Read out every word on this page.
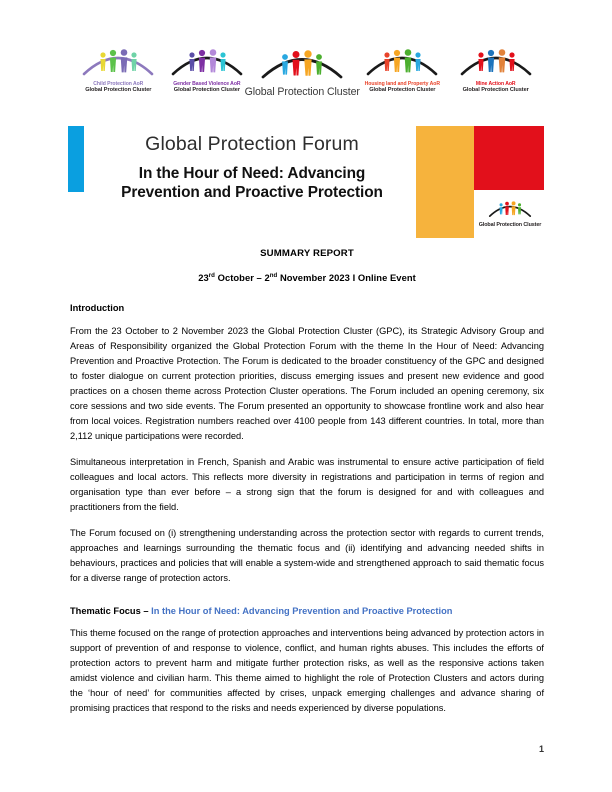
Child Protection AoR
Global Protection Cluster
Gender Based Violence AoR
Global Protection Cluster Global Protection Cluster
Housing land and Property AoR
Global Protection Cluster
Mine Action AoR
Global Protection Cluster
Global Protection Forum
In the Hour of Need: Advancing
Prevention and Proactive Protection
Global Protection Cluster
SUMMARY REPORT
23rd October – 2nd November 2023 I Online Event
Introduction

From the 23 October to 2 November 2023 the Global Protection Cluster (GPC), its Strategic Advisory Group and Areas of Responsibility organized the Global Protection Forum with the theme In the Hour of Need: Advancing Prevention and Proactive Protection. The Forum is dedicated to the broader constituency of the GPC and designed to foster dialogue on current protection priorities, discuss emerging issues and present new evidence and good practices on a chosen theme across Protection Cluster operations. The Forum included an opening ceremony, six core sessions and two side events. The Forum presented an opportunity to showcase frontline work and also hear from local voices. Registration numbers reached over 4100 people from 143 different countries. In total, more than 2,112 unique participations were recorded.

Simultaneous interpretation in French, Spanish and Arabic was instrumental to ensure active participation of field colleagues and local actors. This reflects more diversity in registrations and participation in terms of region and organisation type than ever before – a strong sign that the forum is designed for and with colleagues and practitioners from the field.

The Forum focused on (i) strengthening understanding across the protection sector with regards to current trends, approaches and learnings surrounding the thematic focus and (ii) identifying and advancing needed shifts in behaviours, practices and policies that will enable a system-wide and strengthened approach to said thematic focus for a diverse range of protection actors.

Thematic Focus – In the Hour of Need: Advancing Prevention and Proactive Protection

This theme focused on the range of protection approaches and interventions being advanced by protection actors in support of prevention of and response to violence, conflict, and human rights abuses. This includes the efforts of protection actors to prevent harm and mitigate further protection risks, as well as the responsive actions taken amidst violence and civilian harm. This theme aimed to highlight the role of Protection Clusters and actors during the ‘hour of need’ for communities affected by crises, unpack emerging challenges and advance sharing of promising practices that respond to the risks and needs experienced by diverse populations.

1
